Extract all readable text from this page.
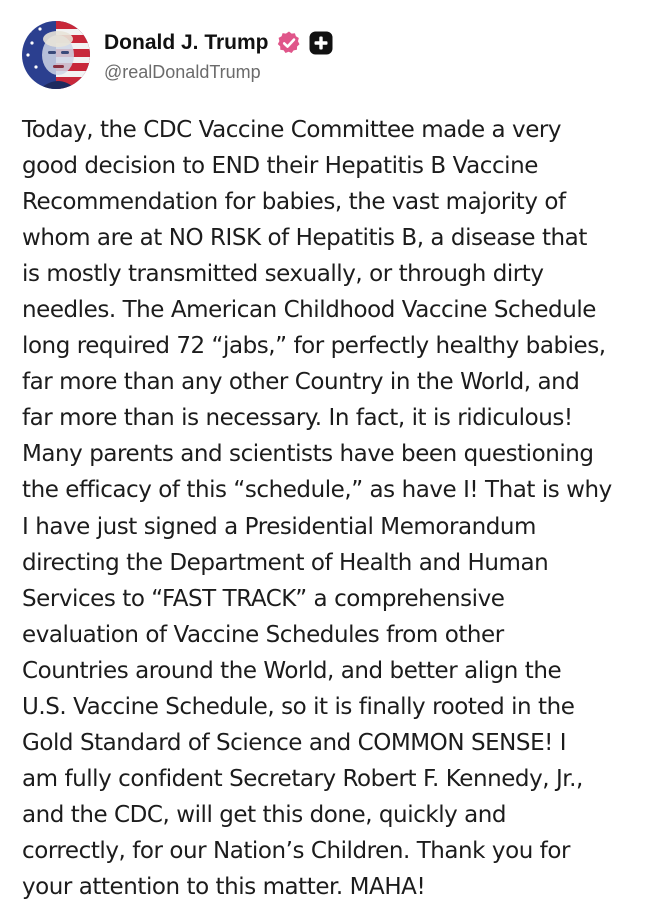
Donald J. Trump
@realDonaldTrump

Today, the CDC Vaccine Committee made a very
good decision to END their Hepatitis B Vaccine
Recommendation for babies, the vast majority of
whom are at NO RISK of Hepatitis B, a disease that
is mostly transmitted sexually, or through dirty
needles. The American Childhood Vaccine Schedule
long required 72 “jabs,” for perfectly healthy babies,
far more than any other Country in the World, and
far more than is necessary. In fact, it is ridiculous!
Many parents and scientists have been questioning
the efficacy of this “schedule,” as have I! That is why
I have just signed a Presidential Memorandum
directing the Department of Health and Human
Services to “FAST TRACK” a comprehensive
evaluation of Vaccine Schedules from other
Countries around the World, and better align the
U.S. Vaccine Schedule, so it is finally rooted in the
Gold Standard of Science and COMMON SENSE! I
am fully confident Secretary Robert F. Kennedy, Jr.,
and the CDC, will get this done, quickly and
correctly, for our Nation’s Children. Thank you for
your attention to this matter. MAHA!
